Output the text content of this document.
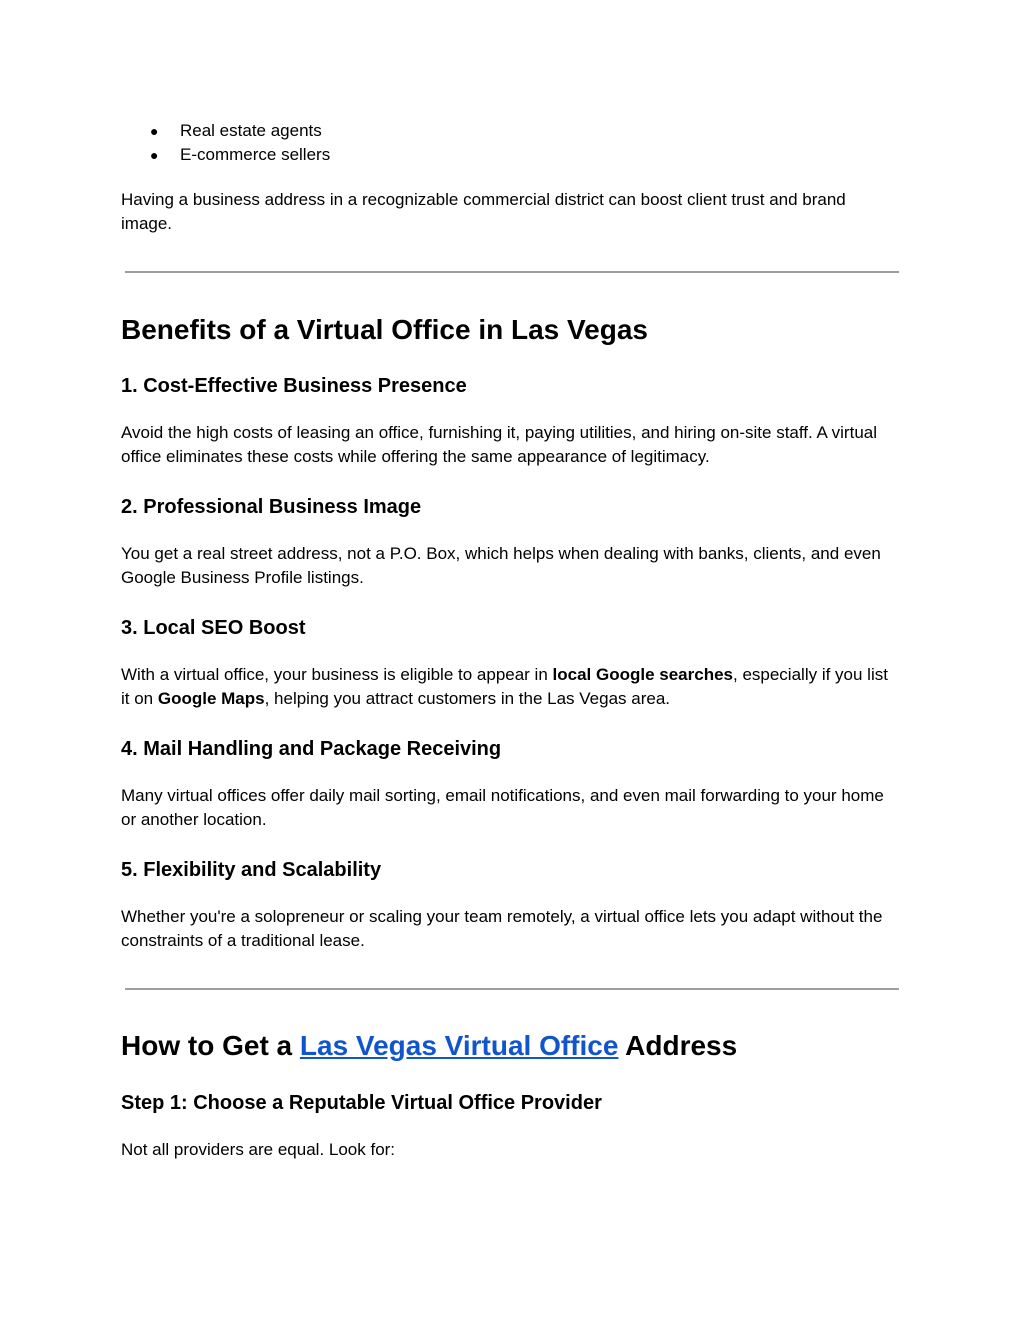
● Real estate agents
● E-commerce sellers

Having a business address in a recognizable commercial district can boost client trust and brand image.

Benefits of a Virtual Office in Las Vegas
1. Cost-Effective Business Presence

Avoid the high costs of leasing an office, furnishing it, paying utilities, and hiring on-site staff. A virtual office eliminates these costs while offering the same appearance of legitimacy.

2. Professional Business Image

You get a real street address, not a P.O. Box, which helps when dealing with banks, clients, and even Google Business Profile listings.

3. Local SEO Boost

With a virtual office, your business is eligible to appear in local Google searches, especially if you list it on Google Maps, helping you attract customers in the Las Vegas area.

4. Mail Handling and Package Receiving

Many virtual offices offer daily mail sorting, email notifications, and even mail forwarding to your home or another location.

5. Flexibility and Scalability

Whether you're a solopreneur or scaling your team remotely, a virtual office lets you adapt without the constraints of a traditional lease.

How to Get a Las Vegas Virtual Office Address
Step 1: Choose a Reputable Virtual Office Provider

Not all providers are equal. Look for:
